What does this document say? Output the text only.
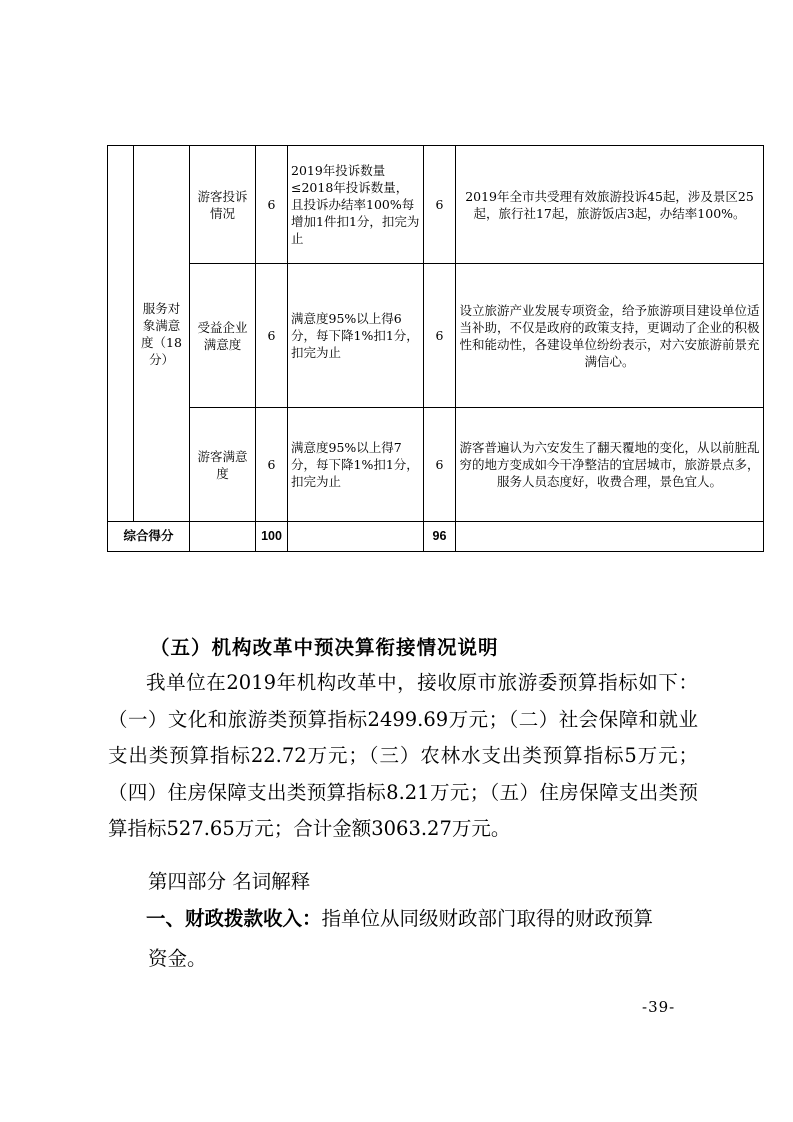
	服务对象满意度（18分）	游客投诉情况	6	2019年投诉数量≤2018年投诉数量，且投诉办结率100%每增加1件扣1分，扣完为止	6	2019年全市共受理有效旅游投诉45起，涉及景区25起，旅行社17起，旅游饭店3起，办结率100%。
		受益企业满意度	6	满意度95%以上得6分，每下降1%扣1分，扣完为止	6	设立旅游产业发展专项资金，给予旅游项目建设单位适当补助，不仅是政府的政策支持，更调动了企业的积极性和能动性，各建设单位纷纷表示，对六安旅游前景充满信心。
		游客满意度	6	满意度95%以上得7分，每下降1%扣1分，扣完为止	6	游客普遍认为六安发生了翻天覆地的变化，从以前脏乱穷的地方变成如今干净整洁的宜居城市，旅游景点多，服务人员态度好，收费合理，景色宜人。
综合得分			100		96	
（五）机构改革中预决算衔接情况说明
我单位在2019年机构改革中，接收原市旅游委预算指标如下：（一）文化和旅游类预算指标2499.69万元；（二）社会保障和就业支出类预算指标22.72万元；（三）农林水支出类预算指标5万元；（四）住房保障支出类预算指标8.21万元；（五）住房保障支出类预算指标527.65万元；合计金额3063.27万元。
第四部分 名词解释
一、财政拨款收入：指单位从同级财政部门取得的财政预算
资金。
-39-
